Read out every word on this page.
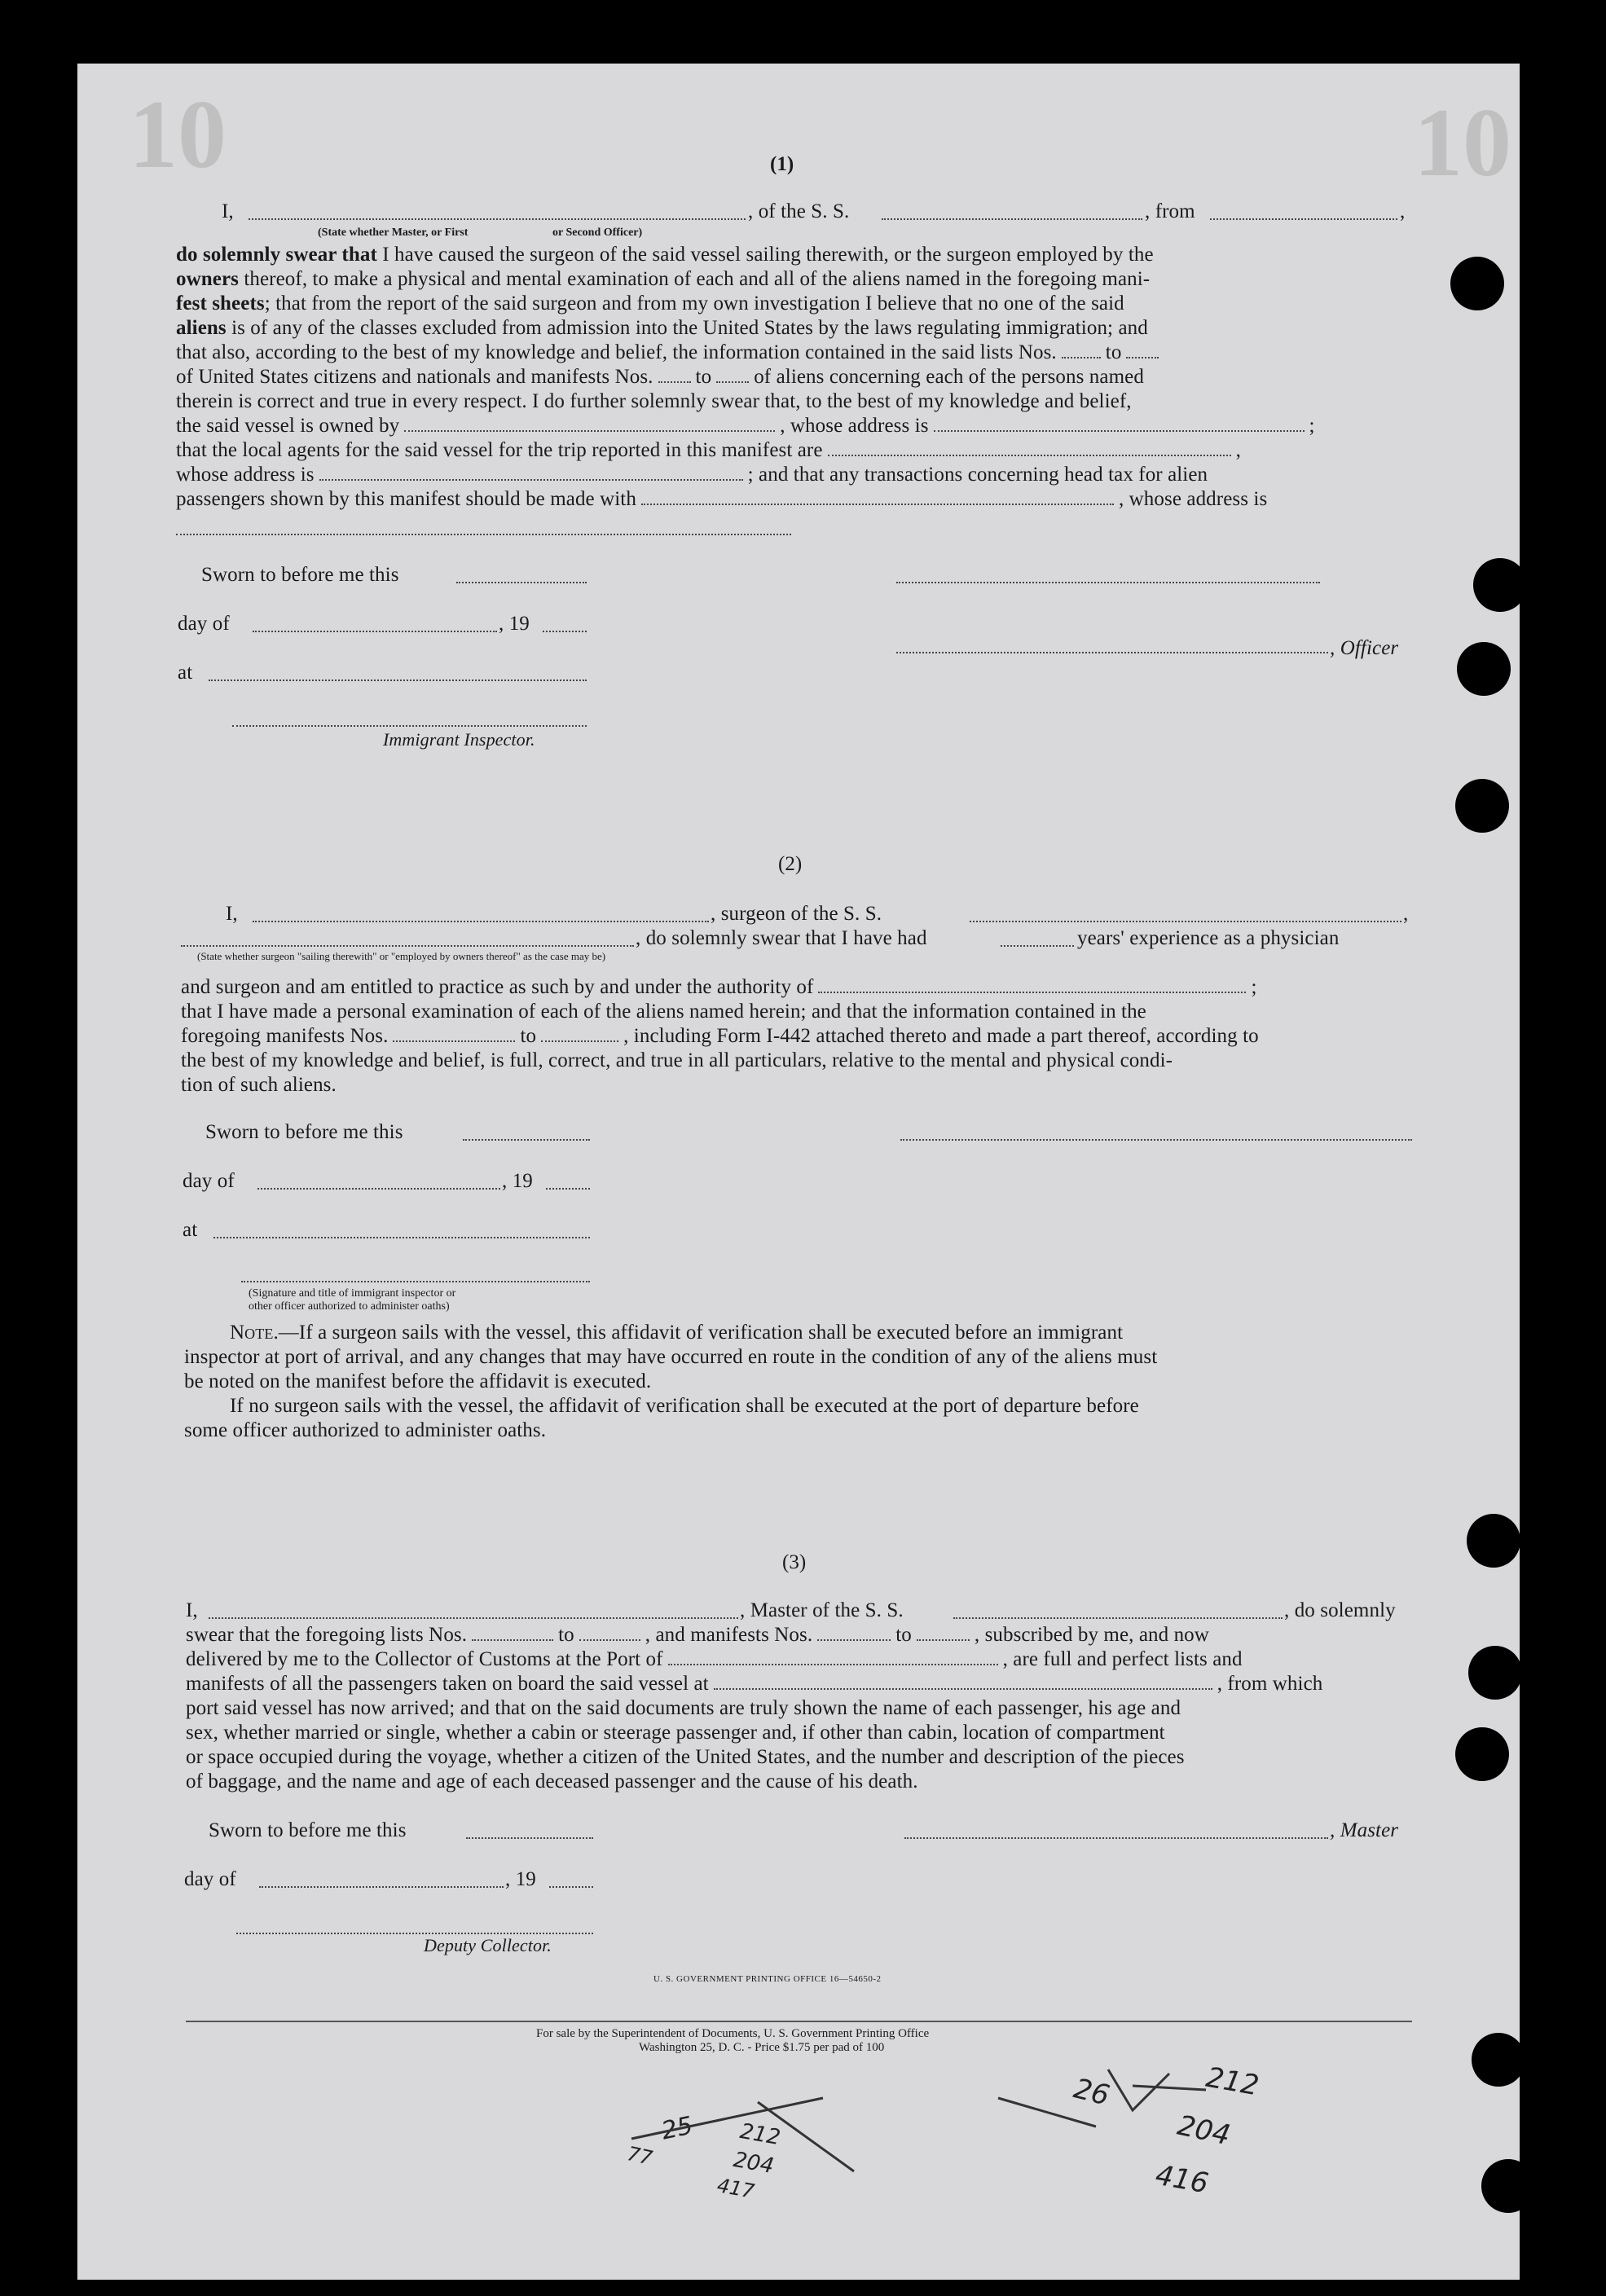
10	10
(1)
I,	, of the S. S.	, from	,
(State whether Master, or First	or Second Officer)
do solemnly swear that I have caused the surgeon of the said vessel sailing therewith, or the surgeon employed by the
owners thereof, to make a physical and mental examination of each and all of the aliens named in the foregoing mani-
fest sheets; that from the report of the said surgeon and from my own investigation I believe that no one of the said
aliens is of any of the classes excluded from admission into the United States by the laws regulating immigration; and
that also, according to the best of my knowledge and belief, the information contained in the said lists Nos. to
of United States citizens and nationals and manifests Nos. to of aliens concerning each of the persons named
therein is correct and true in every respect. I do further solemnly swear that, to the best of my knowledge and belief,
the said vessel is owned by	, whose address is	;
that the local agents for the said vessel for the trip reported in this manifest are	,
whose address is	; and that any transactions concerning head tax for alien
passengers shown by this manifest should be made with	, whose address is
Sworn to before me this
day of	, 19
, Officer
at
Immigrant Inspector.
(2)
I,	, surgeon of the S. S.	,
, do solemnly swear that I have had	years' experience as a physician
(State whether surgeon "sailing therewith" or "employed by owners thereof" as the case may be)
and surgeon and am entitled to practice as such by and under the authority of	;
that I have made a personal examination of each of the aliens named herein; and that the information contained in the
foregoing manifests Nos.	to	, including Form I-442 attached thereto and made a part thereof, according to
the best of my knowledge and belief, is full, correct, and true in all particulars, relative to the mental and physical condi-
tion of such aliens.
Sworn to before me this
day of	, 19
at
(Signature and title of immigrant inspector or
other officer authorized to administer oaths)
Note.—If a surgeon sails with the vessel, this affidavit of verification shall be executed before an immigrant
inspector at port of arrival, and any changes that may have occurred en route in the condition of any of the aliens must
be noted on the manifest before the affidavit is executed.
If no surgeon sails with the vessel, the affidavit of verification shall be executed at the port of departure before
some officer authorized to administer oaths.
(3)
I,	, Master of the S. S.	, do solemnly
swear that the foregoing lists Nos.	to	, and manifests Nos.	to	, subscribed by me, and now
delivered by me to the Collector of Customs at the Port of	, are full and perfect lists and
manifests of all the passengers taken on board the said vessel at	, from which
port said vessel has now arrived; and that on the said documents are truly shown the name of each passenger, his age and
sex, whether married or single, whether a cabin or steerage passenger and, if other than cabin, location of compartment
or space occupied during the voyage, whether a citizen of the United States, and the number and description of the pieces
of baggage, and the name and age of each deceased passenger and the cause of his death.
Sworn to before me this	, Master
day of	, 19
Deputy Collector.
U. S. GOVERNMENT PRINTING OFFICE 16—54650-2
For sale by the Superintendent of Documents, U. S. Government Printing Office
Washington 25, D. C. - Price $1.75 per pad of 100
26	212
204
416
25 212
204
77
417
